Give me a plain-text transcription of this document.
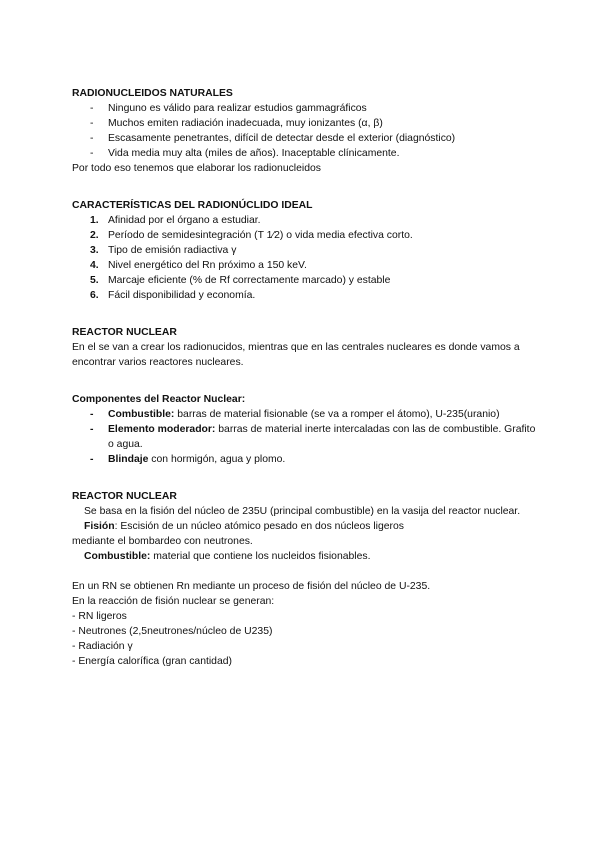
RADIONUCLEIDOS NATURALES

- Ninguno es válido para realizar estudios gammagráficos
- Muchos emiten radiación inadecuada, muy ionizantes (α, β)
- Escasamente penetrantes, difícil de detectar desde el exterior (diagnóstico)
- Vida media muy alta (miles de años). Inaceptable clínicamente.

Por todo eso tenemos que elaborar los radionucleidos

CARACTERÍSTICAS DEL RADIONÚCLIDO IDEAL

1. Afinidad por el órgano a estudiar.
2. Período de semidesintegración (T 1⁄2) o vida media efectiva corto.
3. Tipo de emisión radiactiva γ
4. Nivel energético del Rn próximo a 150 keV.
5. Marcaje eficiente (% de Rf correctamente marcado) y estable
6. Fácil disponibilidad y economía.

REACTOR NUCLEAR

En el se van a crear los radionucidos, mientras que en las centrales nucleares es donde vamos a encontrar varios reactores nucleares.

Componentes del Reactor Nuclear:

- Combustible: barras de material fisionable (se va a romper el átomo), U-235(uranio)
- Elemento moderador: barras de material inerte intercaladas con las de combustible. Grafito o agua.
- Blindaje con hormigón, agua y plomo.

REACTOR NUCLEAR

Se basa en la fisión del núcleo de 235U (principal combustible) en la vasija del reactor nuclear.

Fisión: Escisión de un núcleo atómico pesado en dos núcleos ligeros

mediante el bombardeo con neutrones.

Combustible: material que contiene los nucleidos fisionables.

En un RN se obtienen Rn mediante un proceso de fisión del núcleo de U-235.

En la reacción de fisión nuclear se generan:

- RN ligeros

- Neutrones (2,5neutrones/núcleo de U235)

- Radiación γ

- Energía calorífica (gran cantidad)
